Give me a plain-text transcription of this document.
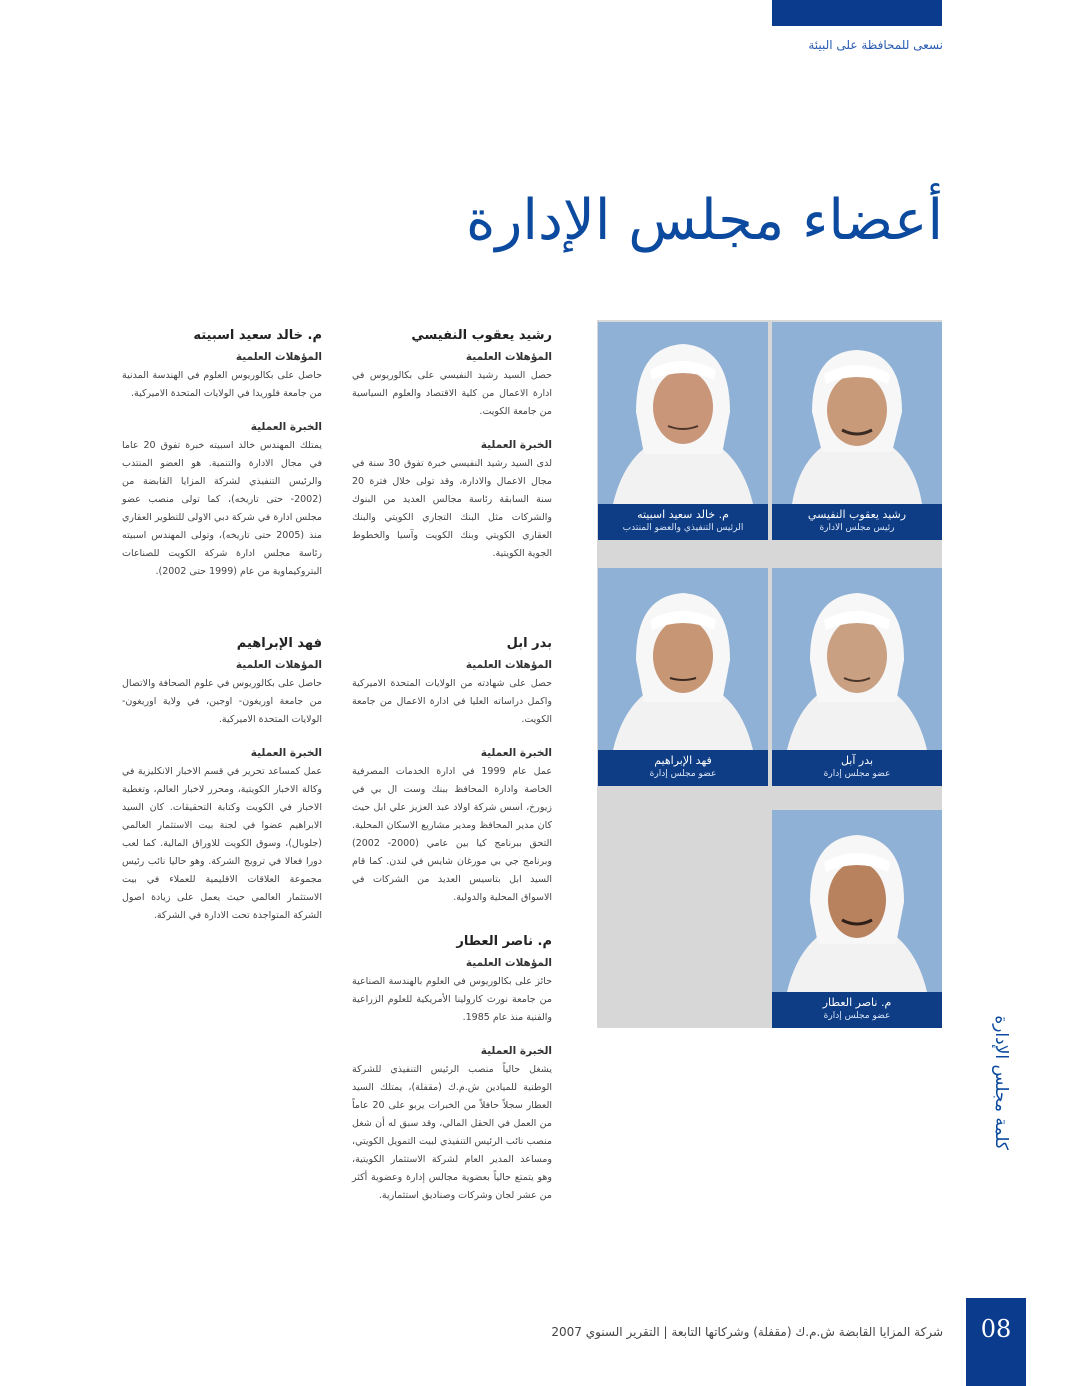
نسعى للمحافظة على البيئة
أعضاء مجلس الإدارة
رشيد يعقوب النفيسي
رئيس مجلس الادارة
م. خالد سعيد اسبيته
الرئيس التنفيذي والعضو المنتدب
بدر آبل
عضو مجلس إدارة
فهد الإبراهيم
عضو مجلس إدارة
م. ناصر العطار
عضو مجلس إدارة
رشيد يعقوب النفيسي
المؤهلات العلمية

حصل السيد رشيد النفيسي على بكالوريوس في ادارة الاعمال من كلية الاقتصاد والعلوم السياسية من جامعة الكويت.

الخبرة العملية

لدى السيد رشيد النفيسي خبرة تفوق 30 سنة في مجال الاعمال والادارة، وقد تولى خلال فترة 20 سنة السابقة رئاسة مجالس العديد من البنوك والشركات مثل البنك التجاري الكويتي والبنك العقاري الكويتي وبنك الكويت وآسيا والخطوط الجوية الكويتية.

م. خالد سعيد اسبيته
المؤهلات العلمية

حاصل على بكالوريوس العلوم في الهندسة المدنية من جامعة فلوريدا في الولايات المتحدة الاميركية.

الخبرة العملية

يمتلك المهندس خالد اسبيته خبرة تفوق 20 عاما في مجال الادارة والتنمية. هو العضو المنتدب والرئيس التنفيذي لشركة المزايا القابضة من (2002- حتى تاريخه)، كما تولى منصب عضو مجلس ادارة في شركة دبي الاولى للتطوير العقاري منذ (2005 حتى تاريخه)، وتولى المهندس اسبيته رئاسة مجلس ادارة شركة الكويت للصناعات البتروكيماوية من عام (1999 حتى 2002).

بدر ابل
المؤهلات العلمية

حصل على شهادته من الولايات المتحدة الاميركية واكمل دراساته العليا في ادارة الاعمال من جامعة الكويت.

الخبرة العملية

عمل عام 1999 في ادارة الخدمات المصرفية الخاصة وادارة المحافظ ببنك وست ال بي في زيورخ، اسس شركة اولاد عبد العزيز علي ابل حيث كان مدير المحافظ ومدير مشاريع الاسكان المحلية. التحق ببرنامج كيا بين عامي (2000- 2002) وبرنامج جي بي مورغان شايس في لندن. كما قام السيد ابل بتاسيس العديد من الشركات في الاسواق المحلية والدولية.

فهد الإبراهيم
المؤهلات العلمية

حاصل على بكالوريوس في علوم الصحافة والاتصال من جامعة اوريغون- اوجين، في ولاية اوريغون- الولايات المتحدة الاميركية.

الخبرة العملية

عمل كمساعد تحرير في قسم الاخبار الانكليزية في وكالة الاخبار الكويتية، ومحرر لاخبار العالم، وتغطية الاخبار في الكويت وكتابة التحقيقات. كان السيد الابراهيم عضوا في لجنة بيت الاستثمار العالمي (جلوبال)، وسوق الكويت للاوراق المالية. كما لعب دورا فعالا في ترويج الشركة. وهو حاليا نائب رئيس مجموعة العلاقات الاقليمية للعملاء في بيت الاستثمار العالمي حيث يعمل على زيادة اصول الشركة المتواجدة تحت الادارة في الشركة.

م. ناصر العطار
المؤهلات العلمية

حائز على بكالوريوس في العلوم بالهندسة الصناعية من جامعة نورث كارولينا الأمريكية للعلوم الزراعية والفنية منذ عام 1985.

الخبرة العملية

يشغل حالياً منصب الرئيس التنفيذي للشركة الوطنية للميادين ش.م.ك (مقفلة)، يمتلك السيد العطار سجلاً حافلاً من الخبرات يربو على 20 عاماً من العمل في الحقل المالي، وقد سبق له أن شغل منصب نائب الرئيس التنفيذي لبيت التمويل الكويتي، ومساعد المدير العام لشركة الاستثمار الكويتية، وهو يتمتع حالياً بعضوية مجالس إدارة وعضوية أكثر من عشر لجان وشركات وصناديق استثمارية.

كلمة مجلس الإدارة
شركة المزايا القابضة ش.م.ك (مقفلة) وشركاتها التابعة | التقرير السنوي 2007	08
